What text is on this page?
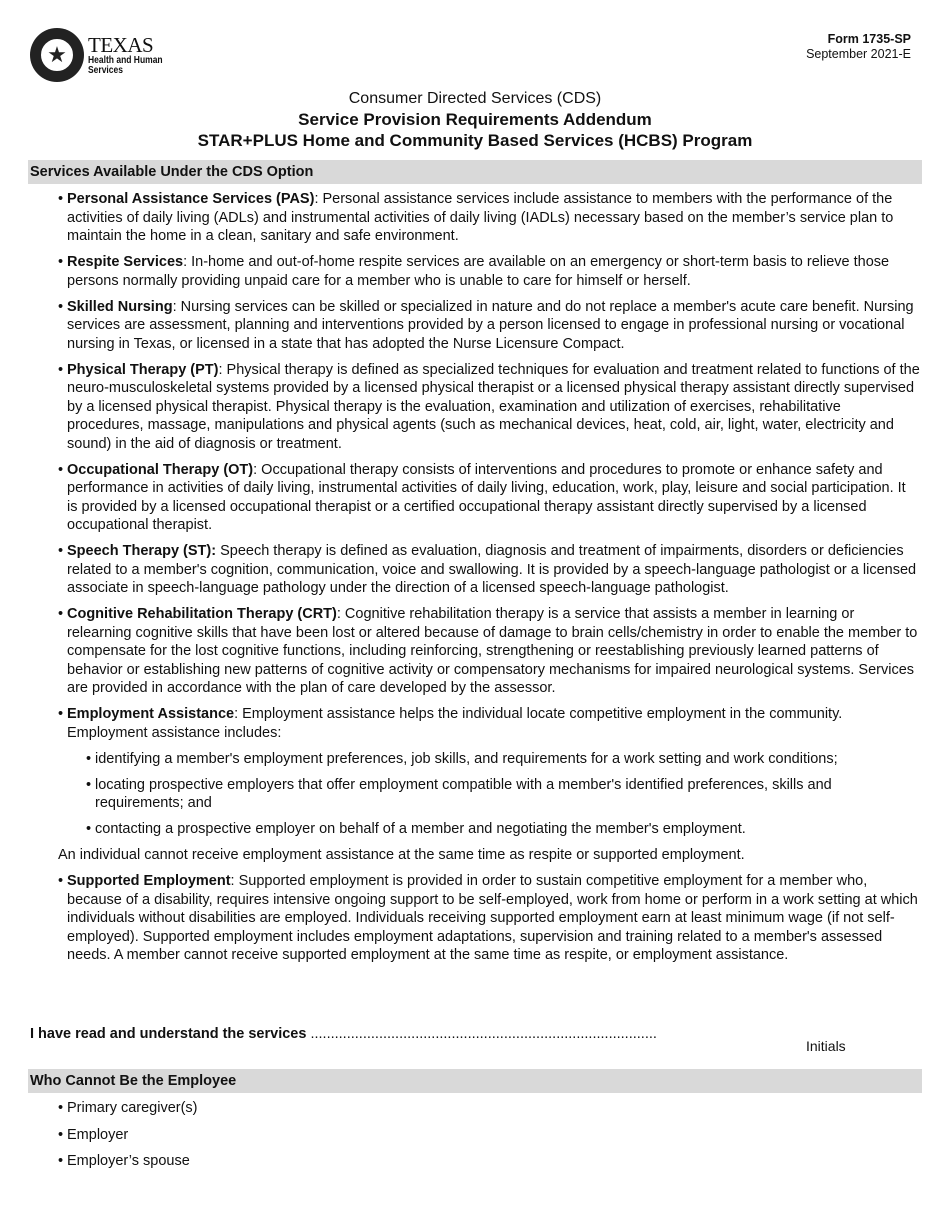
★	TEXAS
Health and Human
Services
Form 1735-SP
September 2021-E
Consumer Directed Services (CDS)
Service Provision Requirements Addendum
STAR+PLUS Home and Community Based Services (HCBS) Program
Services Available Under the CDS Option
• Personal Assistance Services (PAS): Personal assistance services include assistance to members with the performance of the activities of daily living (ADLs) and instrumental activities of daily living (IADLs) necessary based on the member’s service plan to maintain the home in a clean, sanitary and safe environment.
• Respite Services: In-home and out-of-home respite services are available on an emergency or short-term basis to relieve those persons normally providing unpaid care for a member who is unable to care for himself or herself.
• Skilled Nursing: Nursing services can be skilled or specialized in nature and do not replace a member's acute care benefit. Nursing services are assessment, planning and interventions provided by a person licensed to engage in professional nursing or vocational nursing in Texas, or licensed in a state that has adopted the Nurse Licensure Compact.
• Physical Therapy (PT): Physical therapy is defined as specialized techniques for evaluation and treatment related to functions of the neuro-musculoskeletal systems provided by a licensed physical therapist or a licensed physical therapy assistant directly supervised by a licensed physical therapist. Physical therapy is the evaluation, examination and utilization of exercises, rehabilitative procedures, massage, manipulations and physical agents (such as mechanical devices, heat, cold, air, light, water, electricity and sound) in the aid of diagnosis or treatment.
• Occupational Therapy (OT): Occupational therapy consists of interventions and procedures to promote or enhance safety and performance in activities of daily living, instrumental activities of daily living, education, work, play, leisure and social participation. It is provided by a licensed occupational therapist or a certified occupational therapy assistant directly supervised by a licensed occupational therapist.
• Speech Therapy (ST): Speech therapy is defined as evaluation, diagnosis and treatment of impairments, disorders or deficiencies related to a member's cognition, communication, voice and swallowing. It is provided by a speech-language pathologist or a licensed associate in speech-language pathology under the direction of a licensed speech-language pathologist.
• Cognitive Rehabilitation Therapy (CRT): Cognitive rehabilitation therapy is a service that assists a member in learning or relearning cognitive skills that have been lost or altered because of damage to brain cells/chemistry in order to enable the member to compensate for the lost cognitive functions, including reinforcing, strengthening or reestablishing previously learned patterns of behavior or establishing new patterns of cognitive activity or compensatory mechanisms for impaired neurological systems. Services are provided in accordance with the plan of care developed by the assessor.
• Employment Assistance: Employment assistance helps the individual locate competitive employment in the community. Employment assistance includes:
• identifying a member's employment preferences, job skills, and requirements for a work setting and work conditions;
• locating prospective employers that offer employment compatible with a member's identified preferences, skills and requirements; and
• contacting a prospective employer on behalf of a member and negotiating the member's employment.
An individual cannot receive employment assistance at the same time as respite or supported employment.
• Supported Employment: Supported employment is provided in order to sustain competitive employment for a member who, because of a disability, requires intensive ongoing support to be self-employed, work from home or perform in a work setting at which individuals without disabilities are employed. Individuals receiving supported employment earn at least minimum wage (if not self-employed). Supported employment includes employment adaptations, supervision and training related to a member's assessed needs. A member cannot receive supported employment at the same time as respite, or employment assistance.
I have read and understand the services ......................................................................................
Initials
Who Cannot Be the Employee
• Primary caregiver(s)
• Employer
• Employer’s spouse
